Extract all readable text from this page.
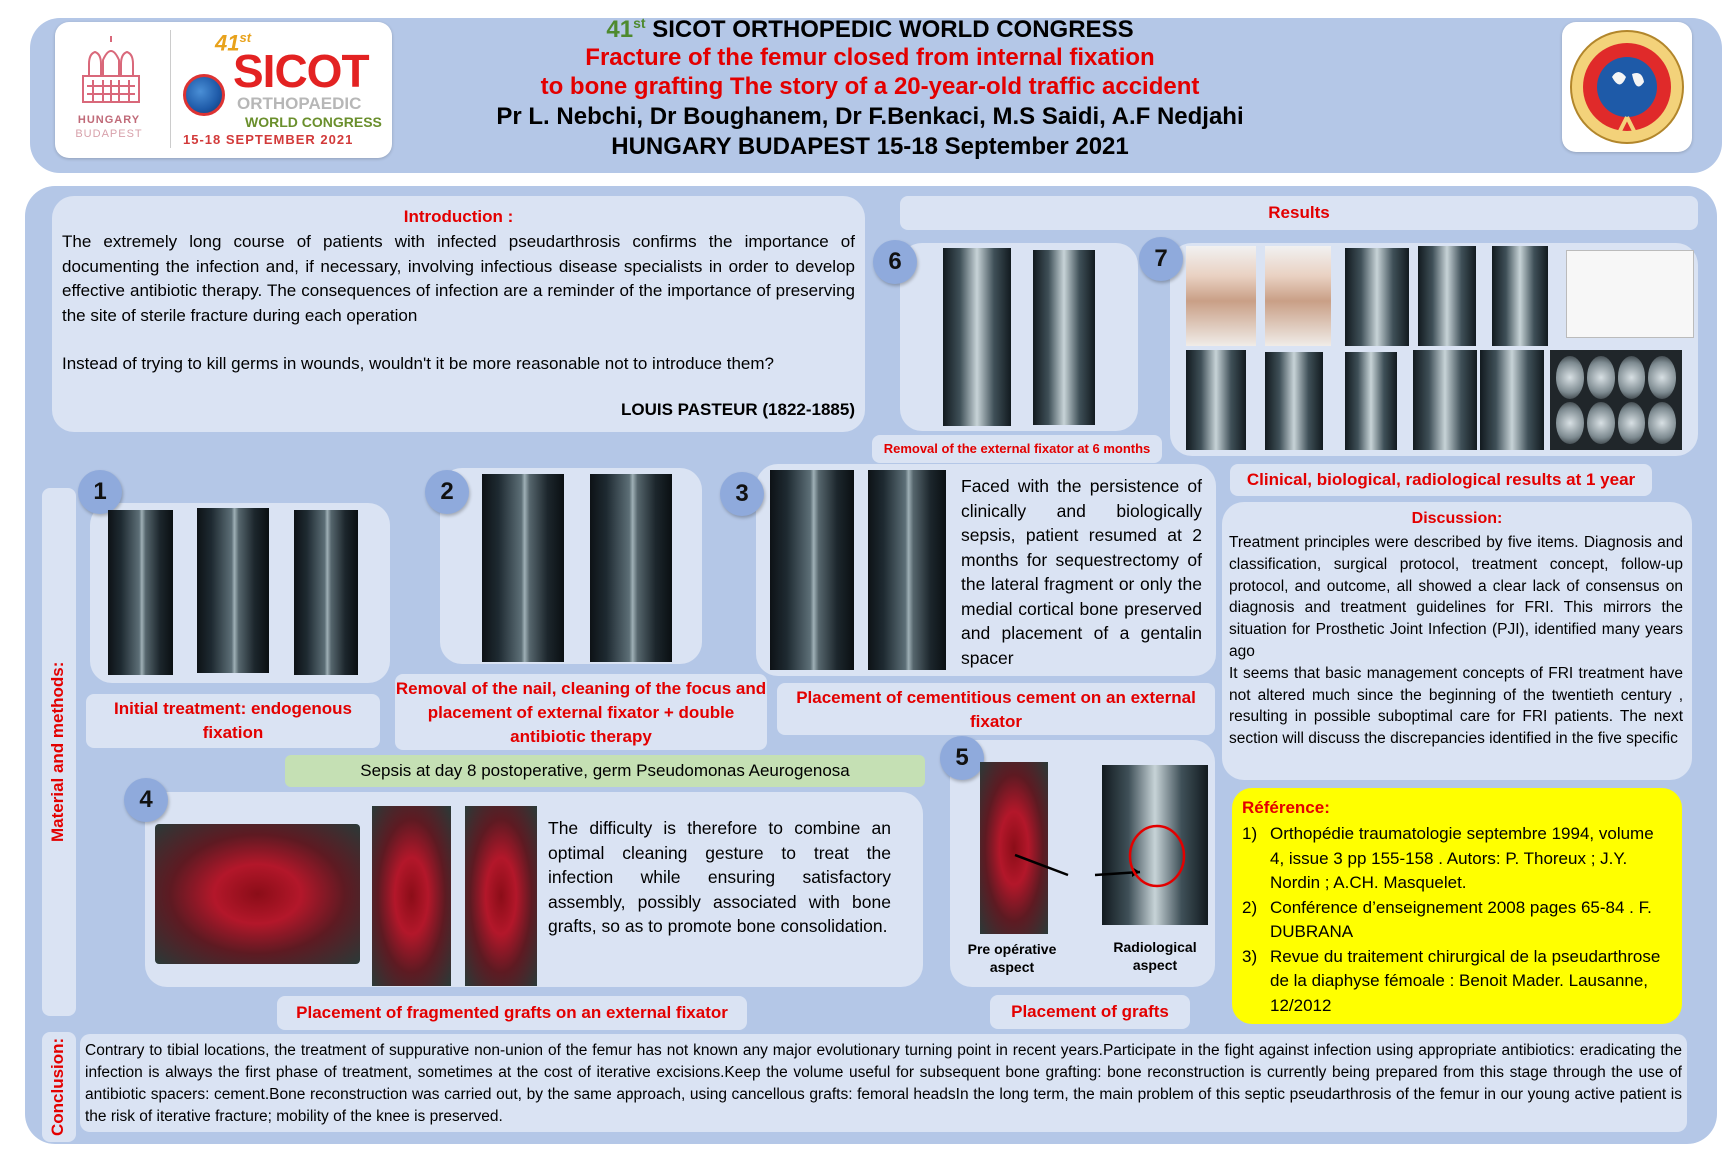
HUNGARY
BUDAPEST
41st
SICOT
ORTHOPAEDIC
WORLD CONGRESS
15-18 SEPTEMBER 2021
41st SICOT ORTHOPEDIC WORLD CONGRESS
Fracture of the femur closed from internal fixation
to bone grafting The story of a 20-year-old traffic accident
Pr L. Nebchi, Dr Boughanem, Dr F.Benkaci, M.S Saidi, A.F Nedjahi
HUNGARY BUDAPEST 15-18 September 2021
Introduction :
The extremely long course of patients with infected pseudarthrosis confirms the importance of documenting the infection and, if necessary, involving infectious disease specialists in order to develop effective antibiotic therapy. The consequences of infection are a reminder of the importance of preserving the site of sterile fracture during each operation
Instead of trying to kill germs in wounds, wouldn't it be more reasonable not to introduce them?
LOUIS PASTEUR (1822-1885)
Results
6
Removal of the external fixator at 6 months
7
Clinical, biological, radiological results at 1 year
Material and methods:
1
Initial treatment: endogenous fixation
2
Removal of the nail, cleaning of the focus and placement of external fixator + double antibiotic therapy
3	Faced with the persistence of clinically and biologically sepsis, patient resumed at 2 months for sequestrectomy of the lateral fragment or only the medial cortical bone preserved and placement of a gentalin spacer
Placement of cementitious cement on an external fixator
Sepsis at day 8 postoperative, germ Pseudomonas Aeurogenosa
4
The difficulty is therefore to combine an optimal cleaning gesture to treat the infection while ensuring satisfactory assembly, possibly associated with bone grafts, so as to promote bone consolidation.
Placement of fragmented grafts on an external fixator
5
Pre opérative aspect
Radiological aspect
Placement of grafts
Discussion:
Treatment principles were described by five items. Diagnosis and classification, surgical protocol, treatment concept, follow-up protocol, and outcome, all showed a clear lack of consensus on diagnosis and treatment guidelines for FRI. This mirrors the situation for Prosthetic Joint Infection (PJI), identified many years ago
It seems that basic management concepts of FRI treatment have not altered much since the beginning of the twentieth century , resulting in possible suboptimal care for FRI patients. The next section will discuss the discrepancies identified in the five specific
Référence:
1) Orthopédie traumatologie septembre 1994, volume 4, issue 3 pp 155-158 . Autors: P. Thoreux ; J.Y. Nordin ; A.CH. Masquelet.
2) Conférence d’enseignement 2008 pages 65-84 . F. DUBRANA
3) Revue du traitement chirurgical de la pseudarthrose de la diaphyse fémoale : Benoit Mader. Lausanne, 12/2012
Conclusion:	Contrary to tibial locations, the treatment of suppurative non-union of the femur has not known any major evolutionary turning point in recent years.Participate in the fight against infection using appropriate antibiotics: eradicating the infection is always the first phase of treatment, sometimes at the cost of iterative excisions.Keep the volume useful for subsequent bone grafting: bone reconstruction is currently being prepared from this stage through the use of antibiotic spacers: cement.Bone reconstruction was carried out, by the same approach, using cancellous grafts: femoral headsIn the long term, the main problem of this septic pseudarthrosis of the femur in our young active patient is the risk of iterative fracture; mobility of the knee is preserved.
